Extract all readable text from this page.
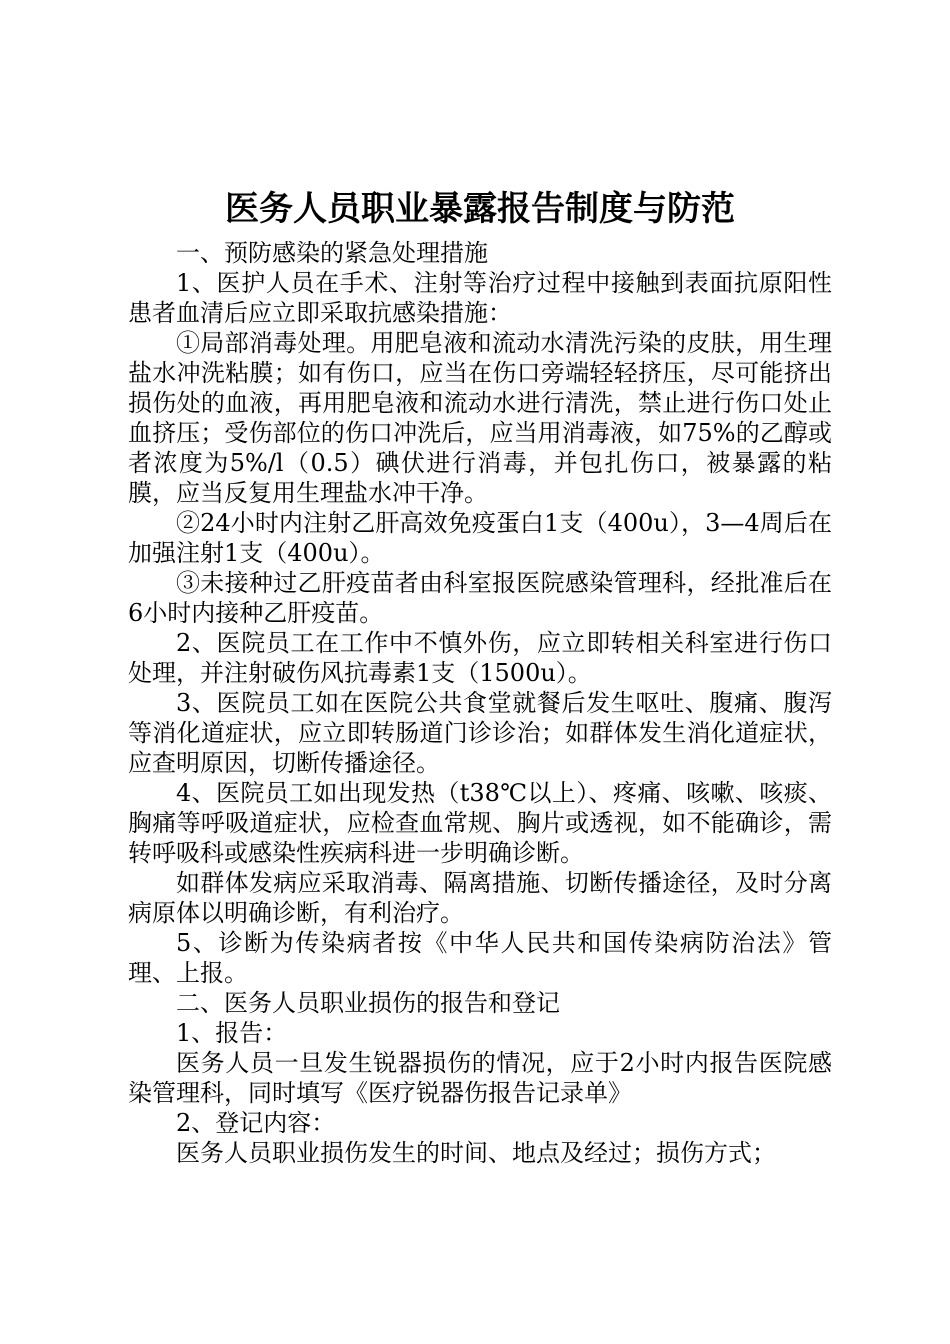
医务人员职业暴露报告制度与防范

一、预防感染的紧急处理措施

1、医护人员在手术、注射等治疗过程中接触到表面抗原阳性患者血清后应立即采取抗感染措施：

①局部消毒处理。用肥皂液和流动水清洗污染的皮肤，用生理盐水冲洗粘膜；如有伤口，应当在伤口旁端轻轻挤压，尽可能挤出损伤处的血液，再用肥皂液和流动水进行清洗，禁止进行伤口处止血挤压；受伤部位的伤口冲洗后，应当用消毒液，如75%的乙醇或者浓度为5%/l（0.5）碘伏进行消毒，并包扎伤口，被暴露的粘膜，应当反复用生理盐水冲干净。

②24小时内注射乙肝高效免疫蛋白1支（400u），3—4周后在加强注射1支（400u）。

③未接种过乙肝疫苗者由科室报医院感染管理科，经批准后在6小时内接种乙肝疫苗。

2、医院员工在工作中不慎外伤，应立即转相关科室进行伤口处理，并注射破伤风抗毒素1支（1500u）。

3、医院员工如在医院公共食堂就餐后发生呕吐、腹痛、腹泻等消化道症状，应立即转肠道门诊诊治；如群体发生消化道症状，应查明原因，切断传播途径。

4、医院员工如出现发热（t38℃以上）、疼痛、咳嗽、咳痰、胸痛等呼吸道症状，应检查血常规、胸片或透视，如不能确诊，需转呼吸科或感染性疾病科进一步明确诊断。

如群体发病应采取消毒、隔离措施、切断传播途径，及时分离病原体以明确诊断，有利治疗。

5、诊断为传染病者按《中华人民共和国传染病防治法》管理、上报。

二、医务人员职业损伤的报告和登记

1、报告：

医务人员一旦发生锐器损伤的情况，应于2小时内报告医院感染管理科，同时填写《医疗锐器伤报告记录单》

2、登记内容：

医务人员职业损伤发生的时间、地点及经过；损伤方式；
